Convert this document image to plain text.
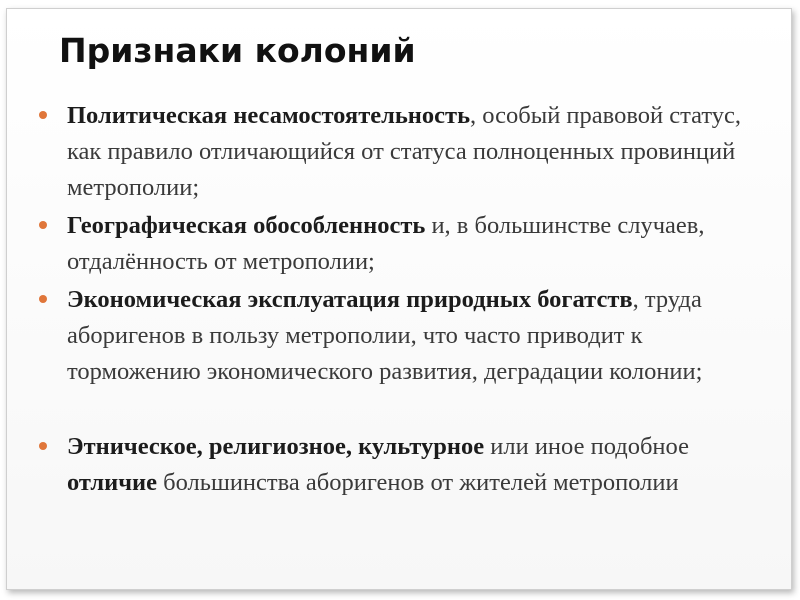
Признаки колоний
Политическая несамостоятельность, особый правовой статус, как правило отличающийся от статуса полноценных провинций метрополии;
Географическая обособленность и, в большинстве случаев, отдалённость от метрополии;
Экономическая эксплуатация природных богатств, труда аборигенов в пользу метрополии, что часто приводит к торможению экономического развития, деградации колонии;
Этническое, религиозное, культурное или иное подобное отличие большинства аборигенов от жителей метрополии
